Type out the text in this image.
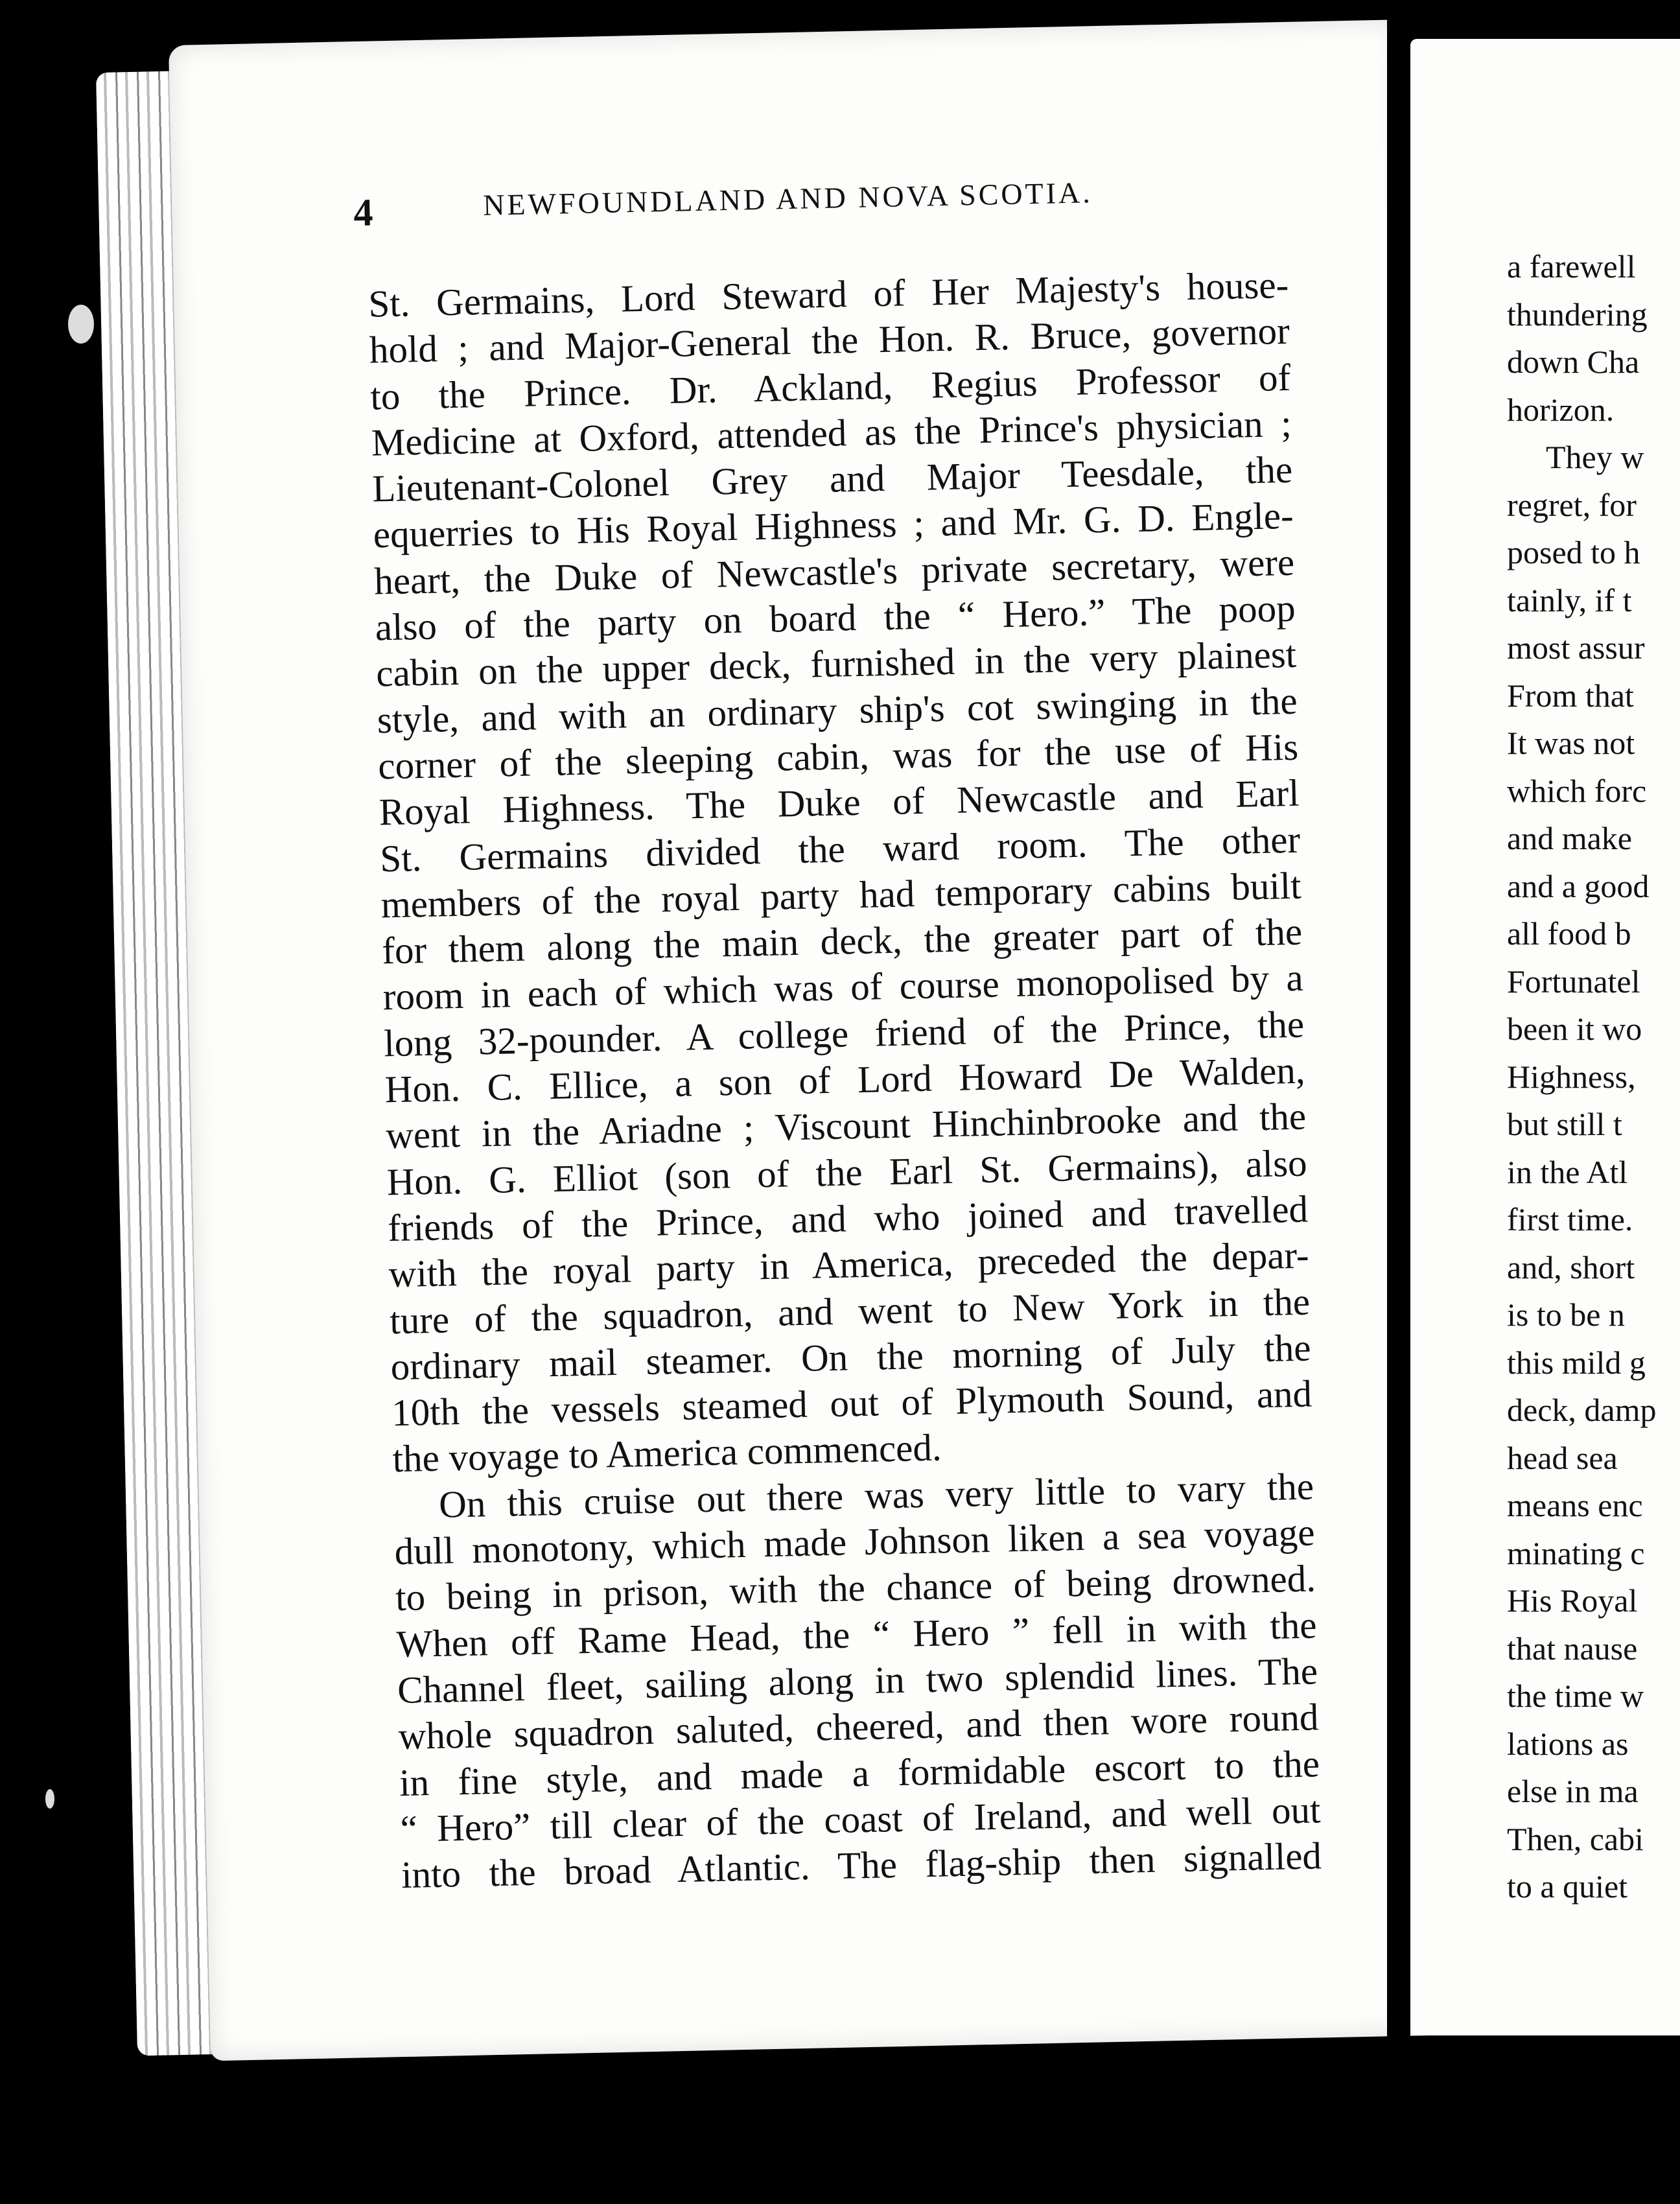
4	NEWFOUNDLAND AND NOVA SCOTIA.
St. Germains, Lord Steward of Her Majesty's house-
hold ; and Major-General the Hon. R. Bruce, governor
to the Prince. Dr. Ackland, Regius Professor of
Medicine at Oxford, attended as the Prince's physician ;
Lieutenant-Colonel Grey and Major Teesdale, the
equerries to His Royal Highness ; and Mr. G. D. Engle-
heart, the Duke of Newcastle's private secretary, were
also of the party on board the “ Hero.” The poop
cabin on the upper deck, furnished in the very plainest
style, and with an ordinary ship's cot swinging in the
corner of the sleeping cabin, was for the use of His
Royal Highness. The Duke of Newcastle and Earl
St. Germains divided the ward room. The other
members of the royal party had temporary cabins built
for them along the main deck, the greater part of the
room in each of which was of course monopolised by a
long 32-pounder. A college friend of the Prince, the
Hon. C. Ellice, a son of Lord Howard De Walden,
went in the Ariadne ; Viscount Hinchinbrooke and the
Hon. G. Elliot (son of the Earl St. Germains), also
friends of the Prince, and who joined and travelled
with the royal party in America, preceded the depar-
ture of the squadron, and went to New York in the
ordinary mail steamer. On the morning of July the
10th the vessels steamed out of Plymouth Sound, and
the voyage to America commenced.
On this cruise out there was very little to vary the
dull monotony, which made Johnson liken a sea voyage
to being in prison, with the chance of being drowned.
When off Rame Head, the “ Hero ” fell in with the
Channel fleet, sailing along in two splendid lines. The
whole squadron saluted, cheered, and then wore round
in fine style, and made a formidable escort to the
“ Hero” till clear of the coast of Ireland, and well out
into the broad Atlantic. The flag-ship then signalled
a farewell
thundering
down Cha
horizon.
They w
regret, for
posed to h
tainly, if t
most assur
From that
It was not
which forc
and make
and a good
all food b
Fortunatel
been it wo
Highness,
but still t
in the Atl
first time.
and, short
is to be n
this mild g
deck, damp
head sea
means enc
minating c
His Royal
that nause
the time w
lations as
else in ma
Then, cabi
to a quiet
